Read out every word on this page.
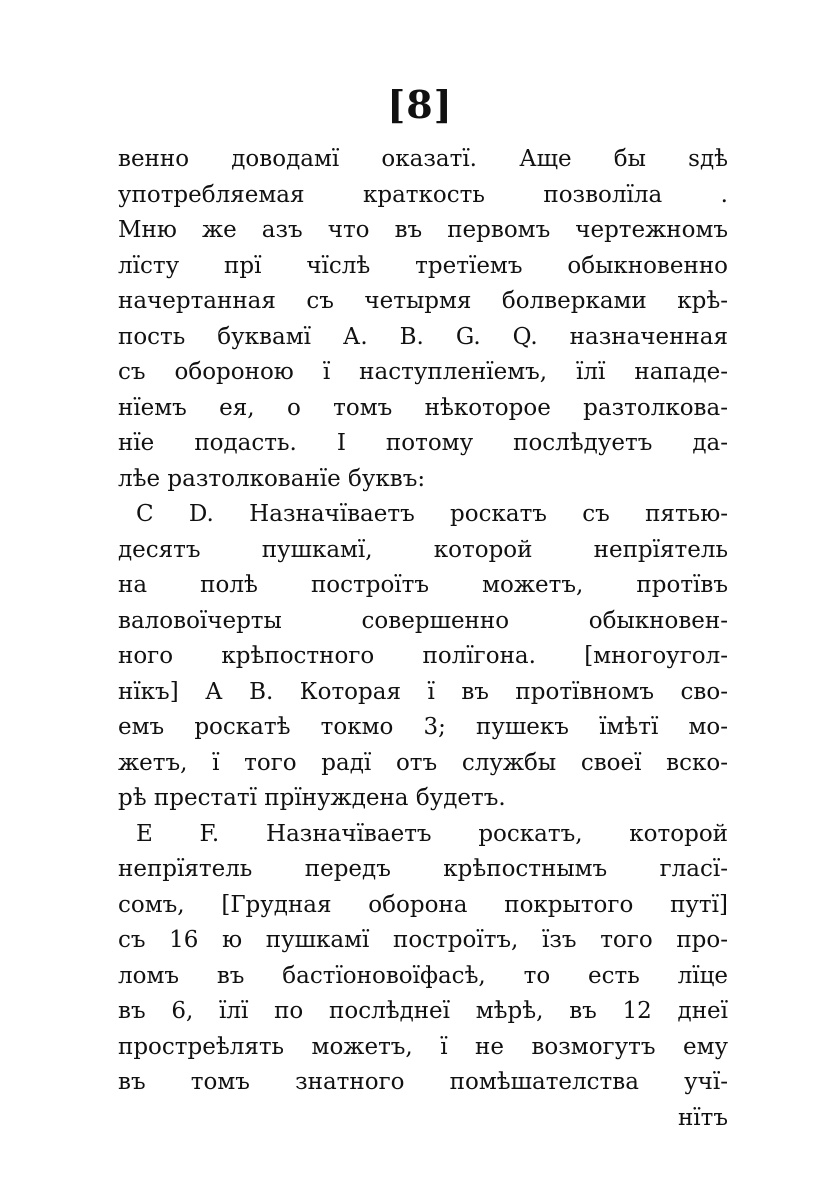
[8]
венно доводамї оказатї. Аще бы sдѣ
употребляемая краткость позволїла .
Мню же азъ что въ первомъ чертежномъ
лїсту прї чїслѣ третїемъ обыкновенно
начертанная съ четырмя болверками крѣ-
пость буквамї А. В. G. Q. назначенная
съ обороною ї наступленїемъ, їлї нападе-
нїемъ ея, о томъ нѣкоторое рaзтолкова-
нїе подасть. І потому послѣдуетъ да-
лѣе рaзтолкованїе буквъ:
C D. Назначїваетъ роскатъ съ пятью-
десятъ пушкамї, которой непрїятель
на полѣ построїтъ можетъ, протївъ
валовоїчерты совершенно обыкновен-
ного крѣпостного полїгона. [многоугол-
нїкъ] А В. Которая ї въ протївномъ сво-
емъ роскатѣ токмо 3; пушекъ їмѣтї мо-
жетъ, ї того радї отъ службы своеї вско-
рѣ престатї прїнуждена будетъ.
E F. Назначїваетъ роскатъ, которой
непрїятель передъ крѣпостнымъ гласї-
сомъ, [Грудная оборона покрытого путї]
съ 16 ю пушкамї построїтъ, їзъ того про-
ломъ въ бастїоновоїфасѣ, то есть лїце
въ 6, їлї по послѣднеї мѣрѣ, въ 12 днеї
простреѣлять можетъ, ї не возмогутъ ему
въ томъ знатного помѣшателства учї-
нїтъ
